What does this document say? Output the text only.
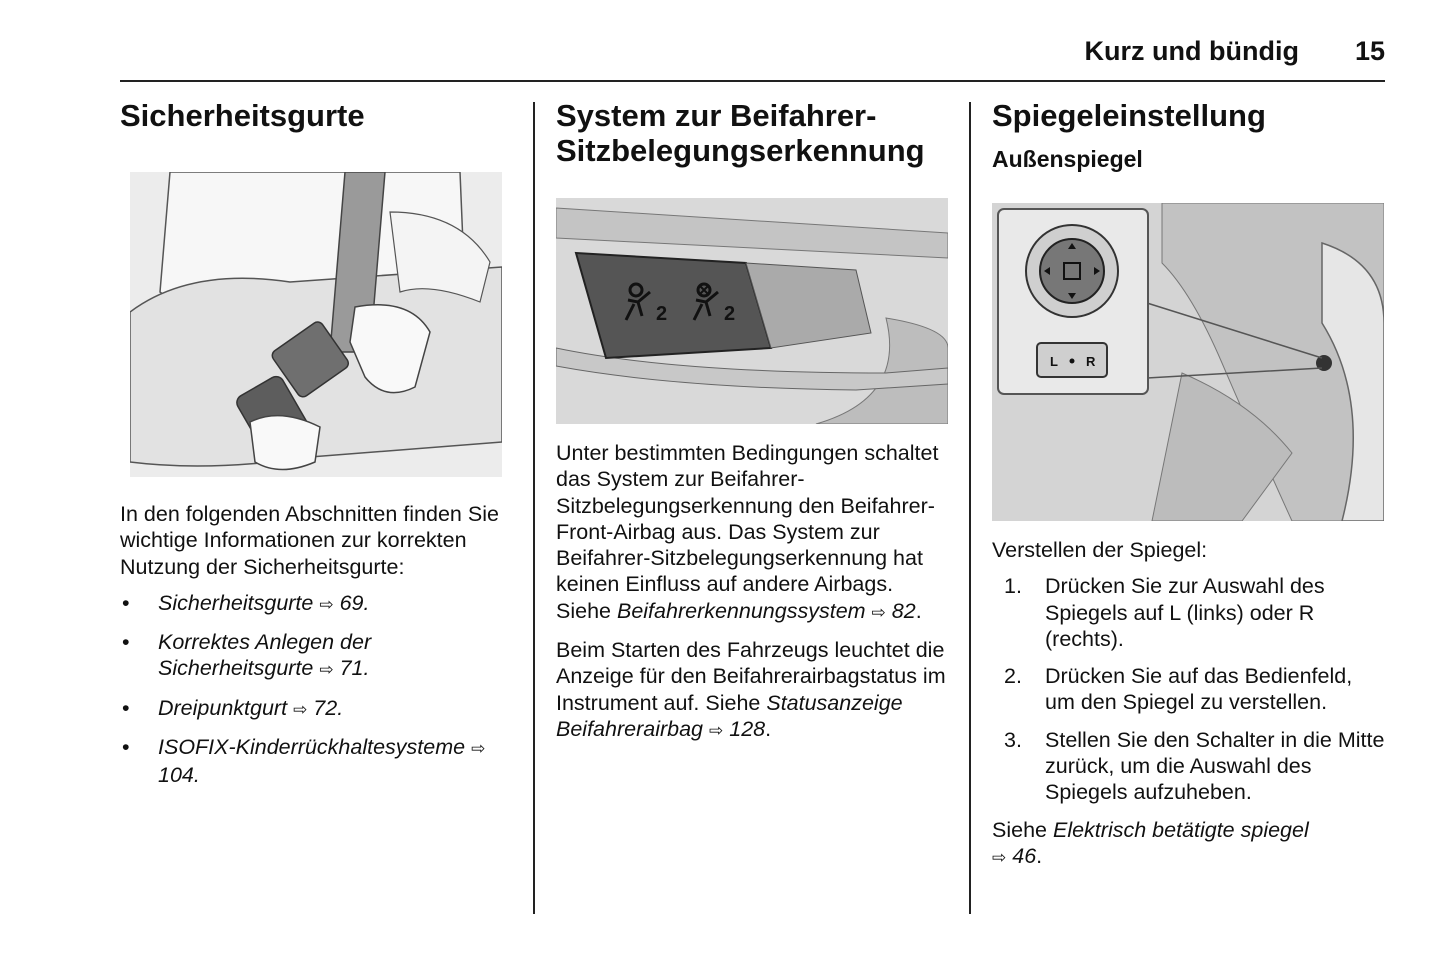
Kurz und bündig 15
Sicherheitsgurte

In den folgenden Abschnitten finden Sie wichtige Informationen zur korrekten Nutzung der Sicherheitsgurte:

• Sicherheitsgurte ⇨ 69.
• Korrektes Anlegen der Sicherheitsgurte ⇨ 71.
• Dreipunktgurt ⇨ 72.
• ISOFIX-Kinderrückhaltesysteme ⇨ 104.
System zur Beifahrer-Sitzbelegungserkennung
2	2

Unter bestimmten Bedingungen schaltet das System zur Beifahrer-Sitzbelegungserkennung den Beifahrer-Front-Airbag aus. Das System zur Beifahrer-Sitzbelegungserkennung hat keinen Einfluss auf andere Airbags. Siehe Beifahrerkennungssystem ⇨ 82.

Beim Starten des Fahrzeugs leuchtet die Anzeige für den Beifahrerairbagstatus im Instrument auf. Siehe Statusanzeige Beifahrerairbag ⇨ 128.

Spiegeleinstellung
Außenspiegel
L R

Verstellen der Spiegel:

1. Drücken Sie zur Auswahl des Spiegels auf L (links) oder R (rechts).
2. Drücken Sie auf das Bedienfeld, um den Spiegel zu verstellen.
3. Stellen Sie den Schalter in die Mitte zurück, um die Auswahl des Spiegels aufzuheben.

Siehe Elektrisch betätigte spiegel
⇨ 46.
